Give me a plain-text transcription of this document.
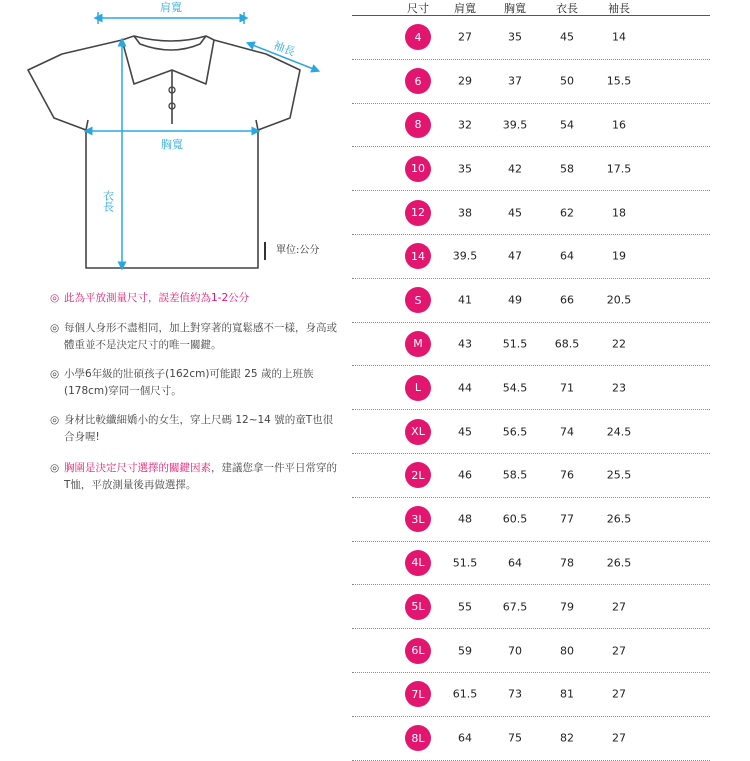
肩寬
袖長
胸寬
衣長
單位:公分
◎ 此為平放測量尺寸，誤差值約為1-2公分
◎ 每個人身形不盡相同，加上對穿著的寬鬆感不一樣，身高或體重並不是決定尺寸的唯一關鍵。
◎ 小學6年級的壯碩孩子(162cm)可能跟 25 歲的上班族(178cm)穿同一個尺寸。
◎ 身材比較纖細嬌小的女生，穿上尺碼 12~14 號的童T也很合身喔!
◎ 胸圍是決定尺寸選擇的關鍵因素，建議您拿一件平日常穿的T恤，平放測量後再做選擇。
尺寸 肩寬	胸寬	衣長	袖長
4	27	35	45	14
6	29	37	50	15.5
8	32	39.5	54	16
10	35	42	58	17.5
12	38	45	62	18
14	39.5	47	64	19
S	41	49	66	20.5
M	43	51.5	68.5	22
L	44	54.5	71	23
XL	45	56.5	74	24.5
2L	46	58.5	76	25.5
3L	48	60.5	77	26.5
4L	51.5	64	78	26.5
5L	55	67.5	79	27
6L	59	70	80	27
7L	61.5	73	81	27
8L	64	75	82	27
